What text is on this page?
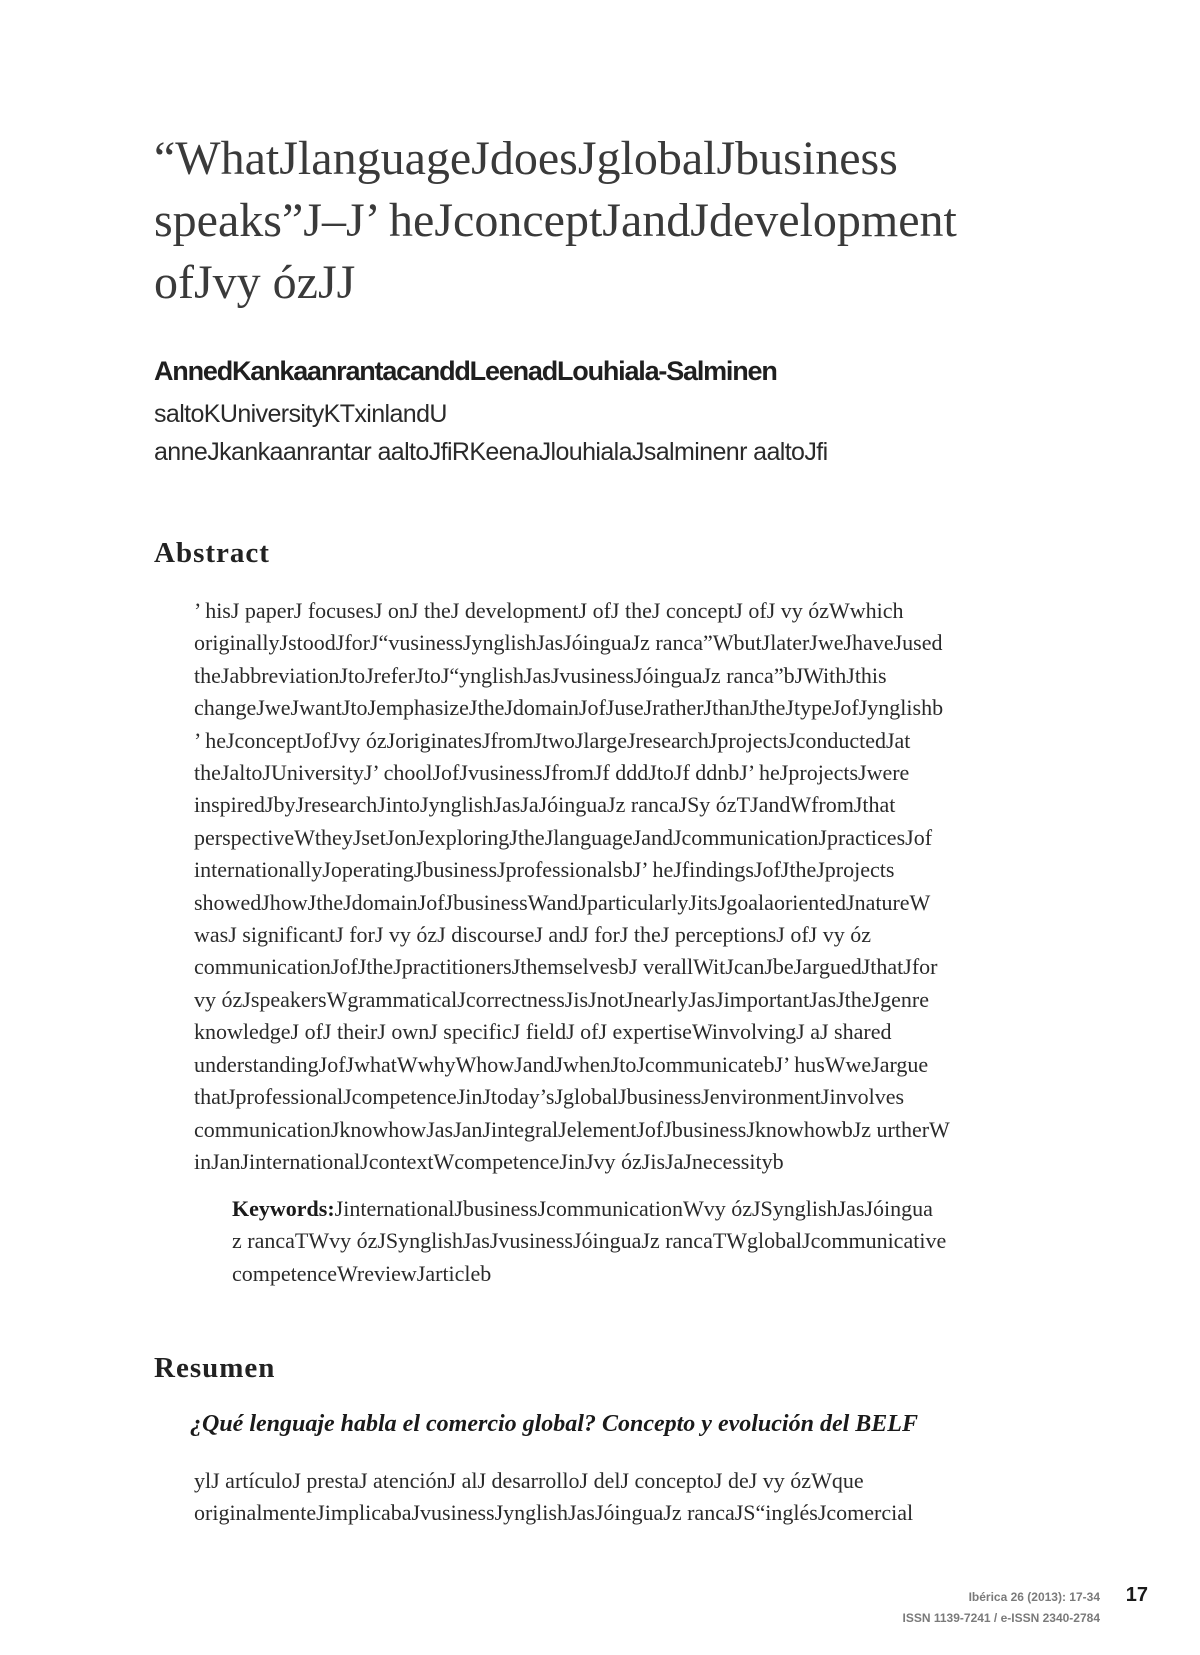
“WhatJlanguageJdoesJglobalJbusiness
speaks”J–J’ heJconceptJandJdevelopment
ofJvy ózJJ
AnnedKankaanrantacanddLeenadLouhiala-Salminen
saltoKUniversityKTxinlandU
anneJkankaanrantar aaltoJfiRKeenaJlouhialaJsalminenr aaltoJfi
Abstract
’ hisJ paperJ focusesJ onJ theJ developmentJ ofJ theJ conceptJ ofJ vy ózWwhich
originallyJstoodJforJ“vusinessJynglishJasJóinguaJz ranca”WbutJlaterJweJhaveJused
theJabbreviationJtoJreferJtoJ“ynglishJasJvusinessJóinguaJz ranca”bJWithJthis
changeJweJwantJtoJemphasizeJtheJdomainJofJuseJratherJthanJtheJtypeJofJynglishb
’ heJconceptJofJvy ózJoriginatesJfromJtwoJlargeJresearchJprojectsJconductedJat
theJaltoJUniversityJ’ choolJofJvusinessJfromJf dddJtoJf ddnbJ’ heJprojectsJwere
inspiredJbyJresearchJintoJynglishJasJaJóinguaJz rancaJSy ózTJandWfromJthat
perspectiveWtheyJsetJonJexploringJtheJlanguageJandJcommunicationJpracticesJof
internationallyJoperatingJbusinessJprofessionalsbJ’ heJfindingsJofJtheJprojects
showedJhowJtheJdomainJofJbusinessWandJparticularlyJitsJgoalaorientedJnatureW
wasJ significantJ forJ vy ózJ discourseJ andJ forJ theJ perceptionsJ ofJ vy óz
communicationJofJtheJpractitionersJthemselvesbJ verallWitJcanJbeJarguedJthatJfor
vy ózJspeakersWgrammaticalJcorrectnessJisJnotJnearlyJasJimportantJasJtheJgenre
knowledgeJ ofJ theirJ ownJ specificJ fieldJ ofJ expertiseWinvolvingJ aJ shared
understandingJofJwhatWwhyWhowJandJwhenJtoJcommunicatebJ’ husWweJargue
thatJprofessionalJcompetenceJinJtoday’sJglobalJbusinessJenvironmentJinvolves
communicationJknowhowJasJanJintegralJelementJofJbusinessJknowhowbJz urtherW
inJanJinternationalJcontextWcompetenceJinJvy ózJisJaJnecessityb
Keywords:JinternationalJbusinessJcommunicationWvy ózJSynglishJasJóingua
z rancaTWvy ózJSynglishJasJvusinessJóinguaJz rancaTWglobalJcommunicative
competenceWreviewJarticleb
Resumen
¿Qué lenguaje habla el comercio global? Concepto y evolución del BELF
ylJ artículoJ prestaJ atenciónJ alJ desarrolloJ delJ conceptoJ deJ vy ózWque
originalmenteJimplicabaJvusinessJynglishJasJóinguaJz rancaJS“inglésJcomercial
Ibérica 26 (2013): 17-34
ISSN 1139-7241 / e-ISSN 2340-2784
17
